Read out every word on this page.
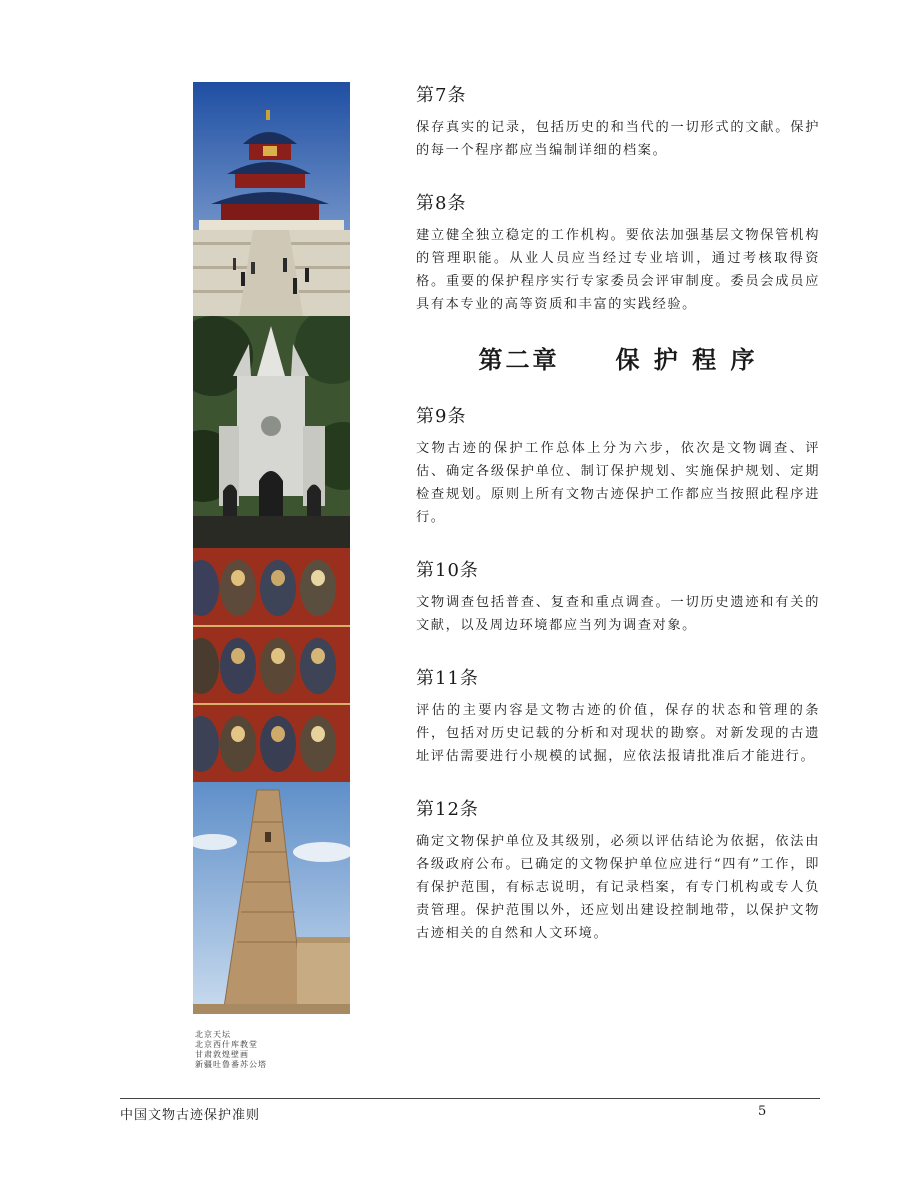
北京天坛
北京西什库教堂
甘肃敦煌壁画
新疆吐鲁番苏公塔
第7条

保存真实的记录，包括历史的和当代的一切形式的文献。保护的每一个程序都应当编制详细的档案。

第8条

建立健全独立稳定的工作机构。要依法加强基层文物保管机构的管理职能。从业人员应当经过专业培训，通过考核取得资格。重要的保护程序实行专家委员会评审制度。委员会成员应具有本专业的高等资质和丰富的实践经验。

第二章 保 护 程 序
第9条

文物古迹的保护工作总体上分为六步，依次是文物调查、评估、确定各级保护单位、制订保护规划、实施保护规划、定期检查规划。原则上所有文物古迹保护工作都应当按照此程序进行。

第10条

文物调查包括普查、复查和重点调查。一切历史遗迹和有关的文献，以及周边环境都应当列为调查对象。

第11条

评估的主要内容是文物古迹的价值，保存的状态和管理的条件，包括对历史记载的分析和对现状的勘察。对新发现的古遗址评估需要进行小规模的试掘，应依法报请批准后才能进行。

第12条

确定文物保护单位及其级别，必须以评估结论为依据，依法由各级政府公布。已确定的文物保护单位应进行“四有”工作，即有保护范围，有标志说明，有记录档案，有专门机构或专人负责管理。保护范围以外，还应划出建设控制地带，以保护文物古迹相关的自然和人文环境。

中国文物古迹保护准则	5
